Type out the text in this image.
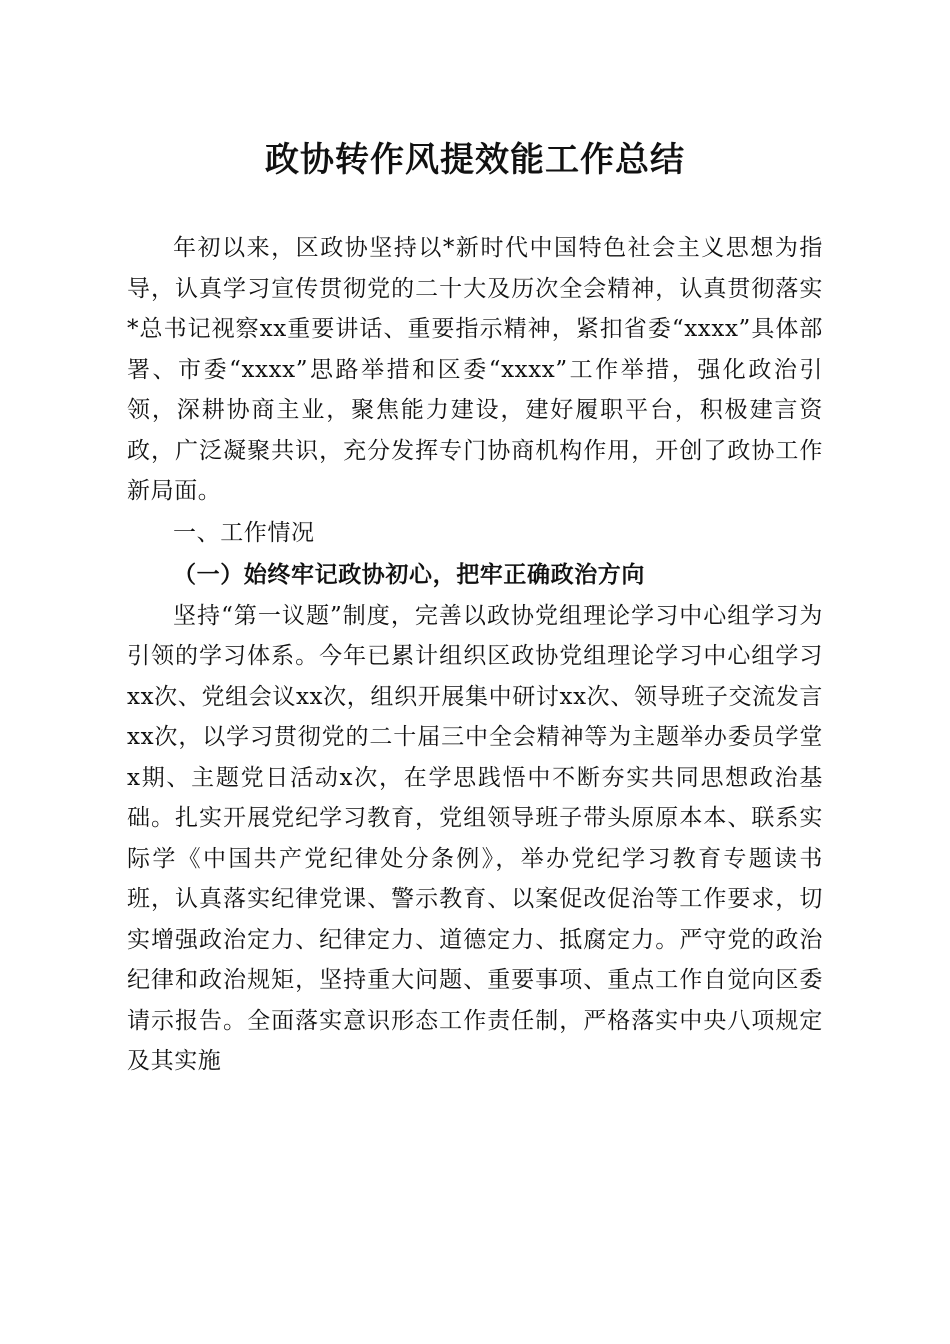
政协转作风提效能工作总结

年初以来，区政协坚持以*新时代中国特色社会主义思想为指导，认真学习宣传贯彻党的二十大及历次全会精神，认真贯彻落实*总书记视察xx重要讲话、重要指示精神，紧扣省委“xxxx”具体部署、市委“xxxx”思路举措和区委“xxxx”工作举措，强化政治引领，深耕协商主业，聚焦能力建设，建好履职平台，积极建言资政，广泛凝聚共识，充分发挥专门协商机构作用，开创了政协工作新局面。

一、工作情况

（一）始终牢记政协初心，把牢正确政治方向

坚持“第一议题”制度，完善以政协党组理论学习中心组学习为引领的学习体系。今年已累计组织区政协党组理论学习中心组学习xx次、党组会议xx次，组织开展集中研讨xx次、领导班子交流发言xx次，以学习贯彻党的二十届三中全会精神等为主题举办委员学堂x期、主题党日活动x次，在学思践悟中不断夯实共同思想政治基础。扎实开展党纪学习教育，党组领导班子带头原原本本、联系实际学《中国共产党纪律处分条例》，举办党纪学习教育专题读书班，认真落实纪律党课、警示教育、以案促改促治等工作要求，切实增强政治定力、纪律定力、道德定力、抵腐定力。严守党的政治纪律和政治规矩，坚持重大问题、重要事项、重点工作自觉向区委请示报告。全面落实意识形态工作责任制，严格落实中央八项规定及其实施
